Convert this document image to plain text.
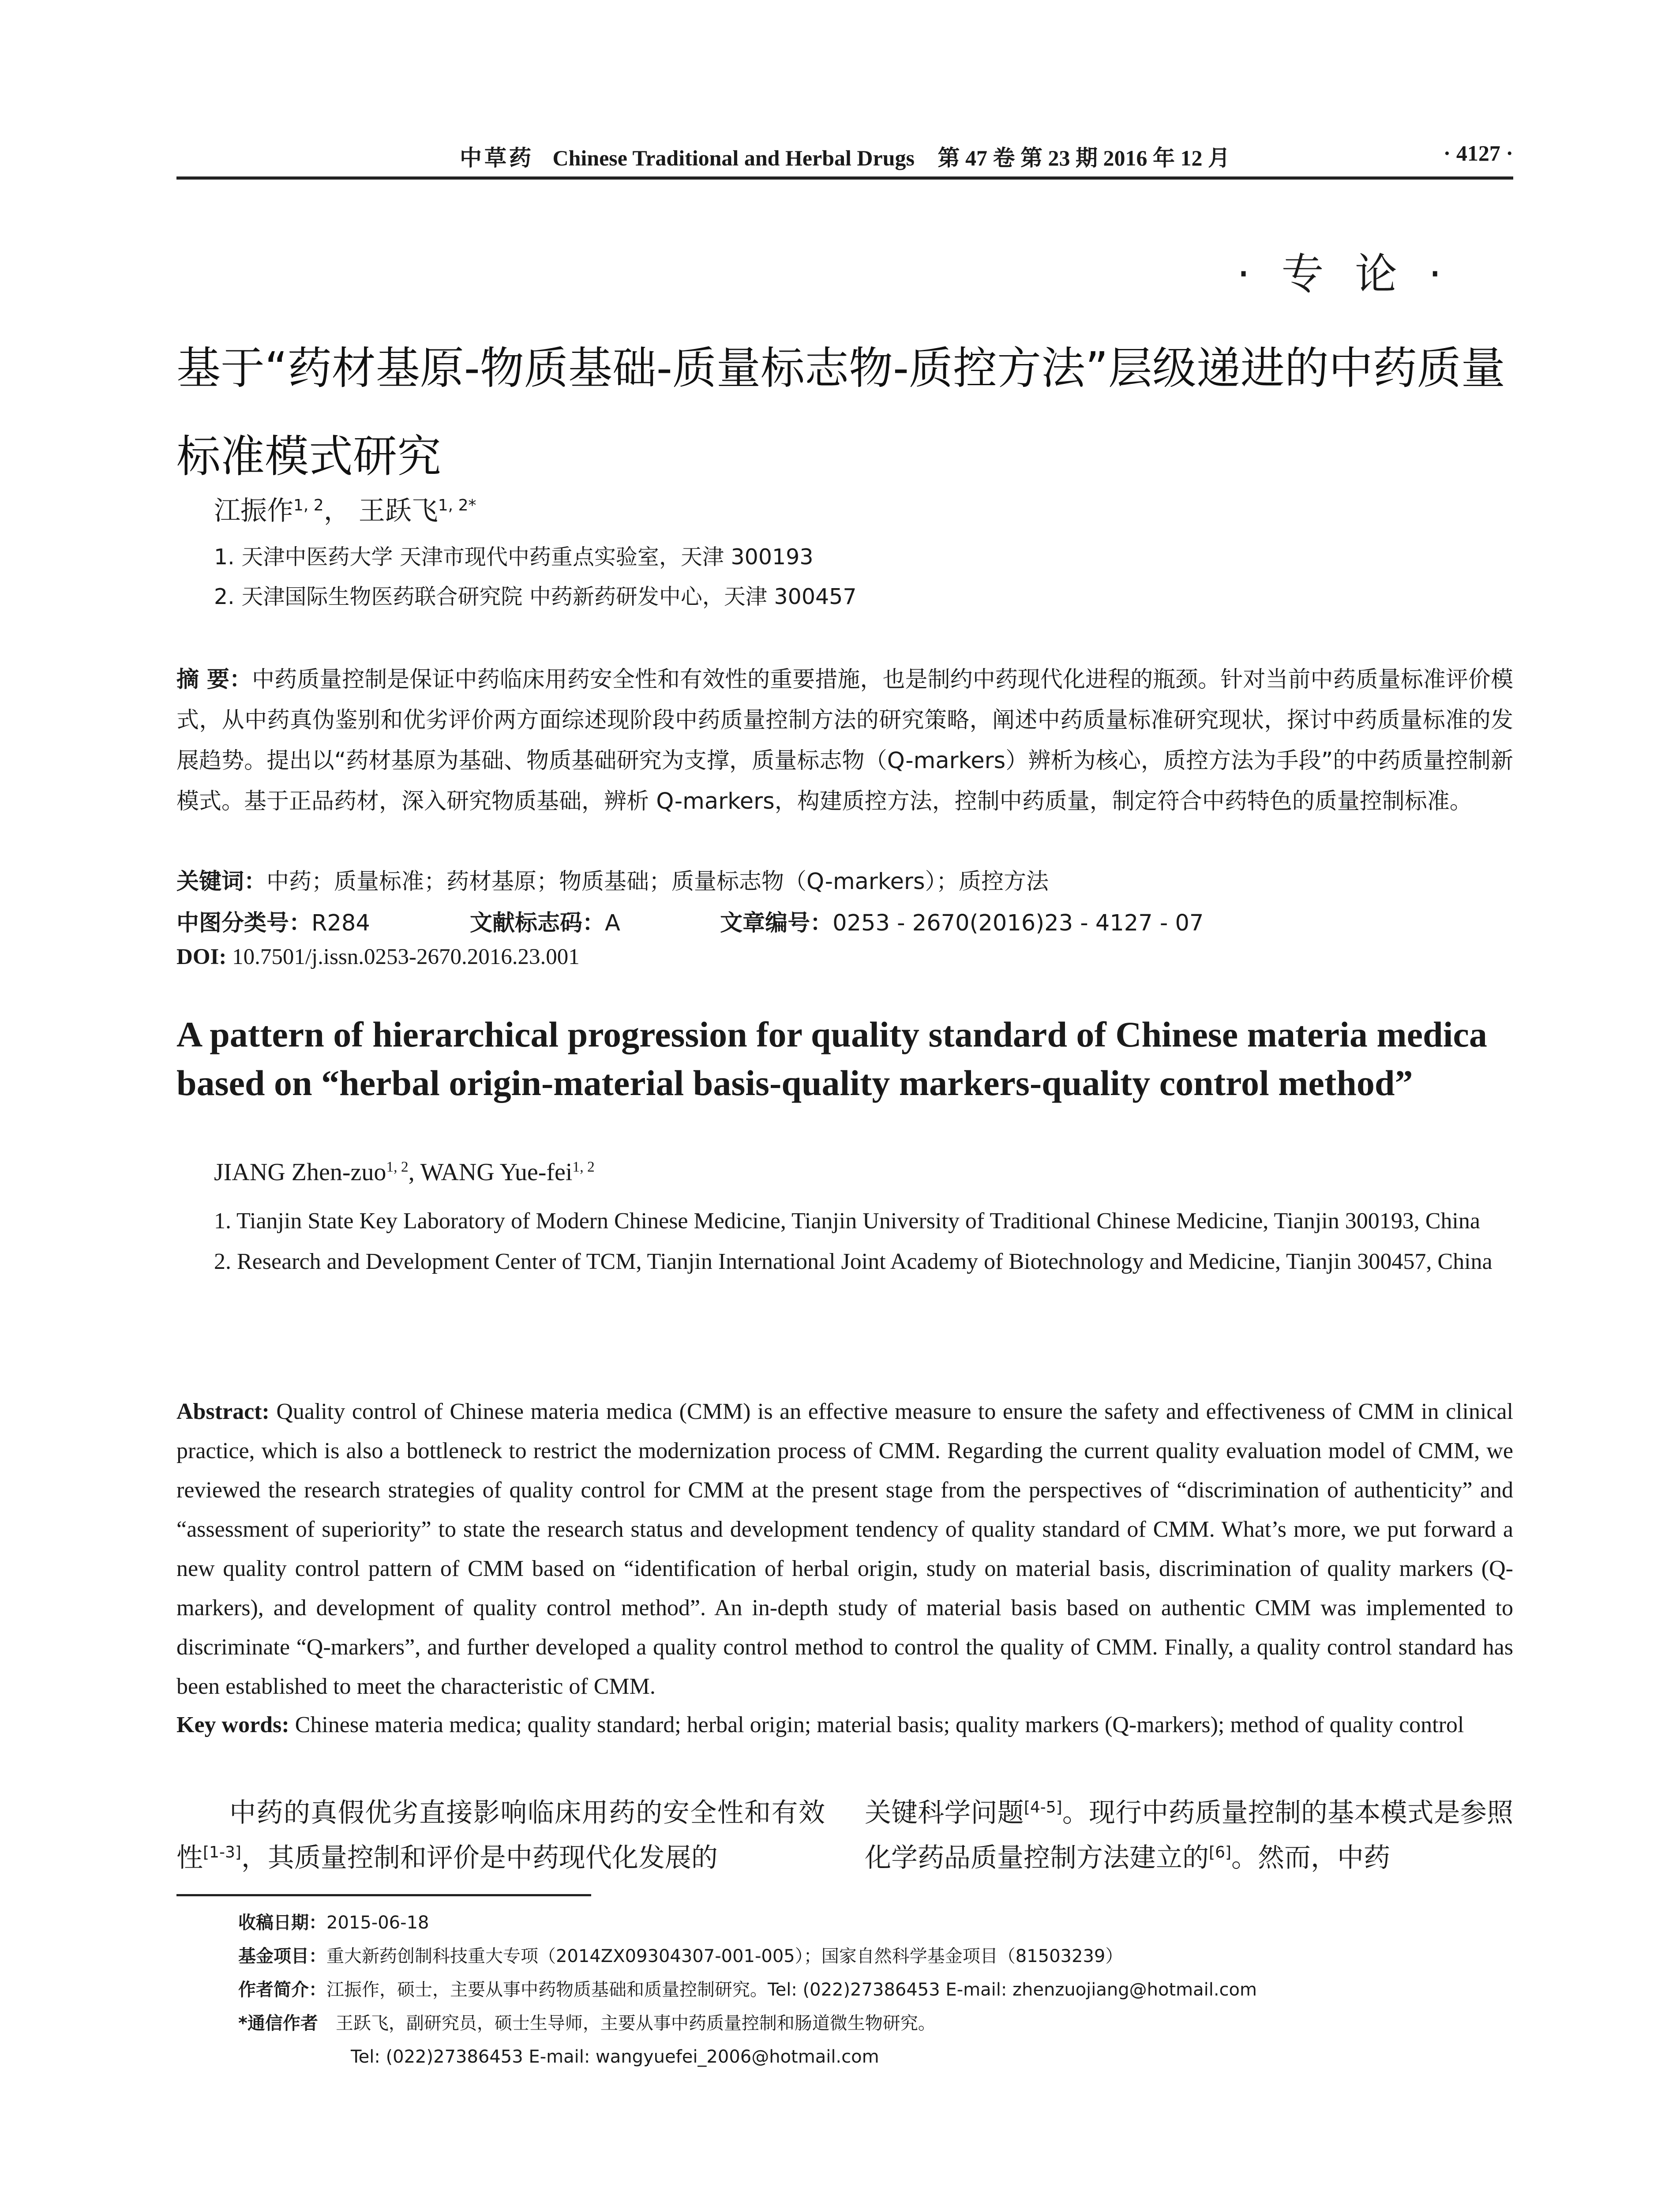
中草药 Chinese Traditional and Herbal Drugs 第 47 卷 第 23 期 2016 年 12 月	· 4127 ·
· 专 论 ·
基于“药材基原-物质基础-质量标志物-质控方法”层级递进的中药质量标准模式研究
江振作$^{1, 2}$， 王跃飞$^{1, 2*}$
1. 天津中医药大学 天津市现代中药重点实验室，天津 300193
2. 天津国际生物医药联合研究院 中药新药研发中心，天津 300457
摘 要：中药质量控制是保证中药临床用药安全性和有效性的重要措施，也是制约中药现代化进程的瓶颈。针对当前中药质量标准评价模式，从中药真伪鉴别和优劣评价两方面综述现阶段中药质量控制方法的研究策略，阐述中药质量标准研究现状，探讨中药质量标准的发展趋势。提出以“药材基原为基础、物质基础研究为支撑，质量标志物（Q-markers）辨析为核心，质控方法为手段”的中药质量控制新模式。基于正品药材，深入研究物质基础，辨析 Q-markers，构建质控方法，控制中药质量，制定符合中药特色的质量控制标准。
关键词：中药；质量标准；药材基原；物质基础；质量标志物（Q-markers）；质控方法
中图分类号：R284	文献标志码：A	文章编号：0253 - 2670(2016)23 - 4127 - 07
DOI: 10.7501/j.issn.0253-2670.2016.23.001
A pattern of hierarchical progression for quality standard of Chinese materia medica based on “herbal origin-material basis-quality markers-quality control method”
JIANG Zhen-zuo$^{1, 2}$, WANG Yue-fei$^{1, 2}$
1. Tianjin State Key Laboratory of Modern Chinese Medicine, Tianjin University of Traditional Chinese Medicine, Tianjin 300193, China
2. Research and Development Center of TCM, Tianjin International Joint Academy of Biotechnology and Medicine, Tianjin 300457, China
Abstract: Quality control of Chinese materia medica (CMM) is an effective measure to ensure the safety and effectiveness of CMM in clinical practice, which is also a bottleneck to restrict the modernization process of CMM. Regarding the current quality evaluation model of CMM, we reviewed the research strategies of quality control for CMM at the present stage from the perspectives of “discrimination of authenticity” and “assessment of superiority” to state the research status and development tendency of quality standard of CMM. What’s more, we put forward a new quality control pattern of CMM based on “identification of herbal origin, study on material basis, discrimination of quality markers (Q-markers), and development of quality control method”. An in-depth study of material basis based on authentic CMM was implemented to discriminate “Q-markers”, and further developed a quality control method to control the quality of CMM. Finally, a quality control standard has been established to meet the characteristic of CMM.
Key words: Chinese materia medica; quality standard; herbal origin; material basis; quality markers (Q-markers); method of quality control
中药的真假优劣直接影响临床用药的安全性和有效性[1-3]，其质量控制和评价是中药现代化发展的
关键科学问题[4-5]。现行中药质量控制的基本模式是参照化学药品质量控制方法建立的[6]。然而，中药
收稿日期：2015-06-18
基金项目：重大新药创制科技重大专项（2014ZX09304307-001-005）；国家自然科学基金项目（81503239）
作者简介：江振作，硕士，主要从事中药物质基础和质量控制研究。Tel: (022)27386453 E-mail: zhenzuojiang@hotmail.com
*通信作者 王跃飞，副研究员，硕士生导师，主要从事中药质量控制和肠道微生物研究。
Tel: (022)27386453 E-mail: wangyuefei_2006@hotmail.com
